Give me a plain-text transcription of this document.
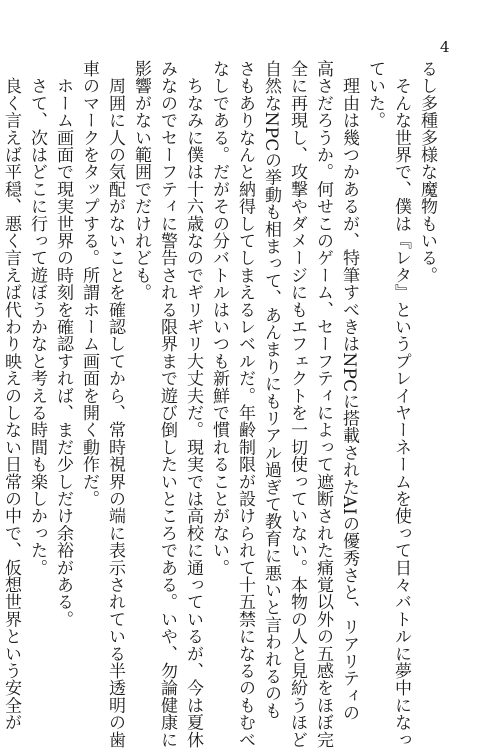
4

るし多種多様な魔物もいる。

　そんな世界で、僕は『レタ』というプレイヤーネームを使って日々バトルに夢中になっ

ていた。

　理由は幾つかあるが、特筆すべきはNPCに搭載されたAIの優秀さと、リアリティの

高さだろうか。何せこのゲーム、セーフティによって遮断された痛覚以外の五感をほぼ完

全に再現し、攻撃やダメージにもエフェクトを一切使っていない。本物の人と見紛うほど

自然なNPCの挙動も相まって、あんまりにもリアル過ぎて教育に悪いと言われるのも

さもありなんと納得してしまえるレベルだ。年齢制限が設けられて十五禁になるのもむべ

なしである。だがその分バトルはいつも新鮮で慣れることがない。

　ちなみに僕は十六歳なのでギリギリ大丈夫だ。現実では高校に通っているが、今は夏休

みなのでセーフティに警告される限界まで遊び倒したいところである。いや、勿論健康に

影響がない範囲でだけれども。

　周囲に人の気配がないことを確認してから、常時視界の端に表示されている半透明の歯

車のマークをタップする。所謂ホーム画面を開く動作だ。

　ホーム画面で現実世界の時刻を確認すれば、まだ少しだけ余裕がある。

　さて、次はどこに行って遊ぼうかなと考える時間も楽しかった。

　良く言えば平穏、悪く言えば代わり映えのしない日常の中で、仮想世界という安全が
